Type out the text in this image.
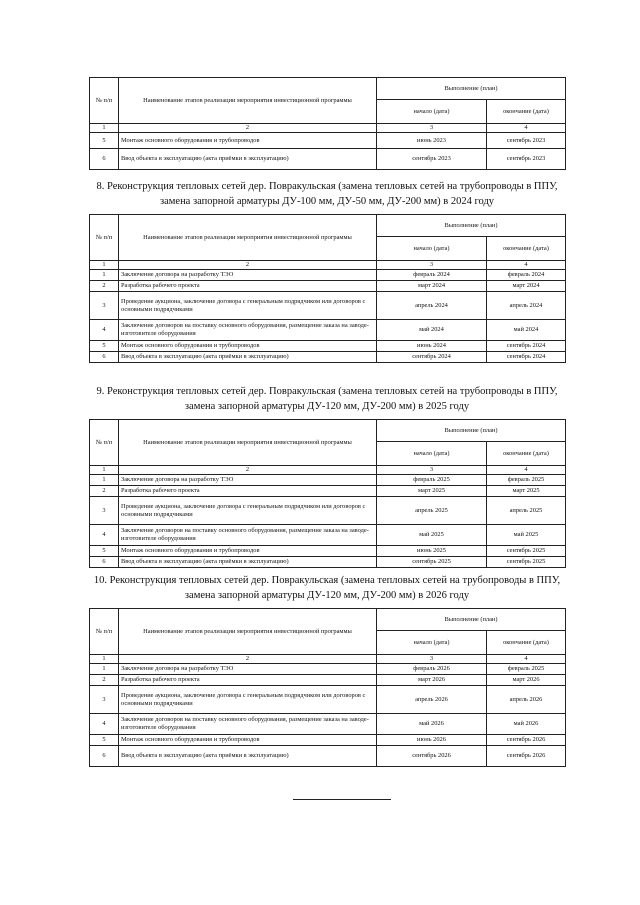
№ п/п	Наименование этапов реализации мероприятия инвестиционной программы	Выполнение (план)	
		начало (дата)	окончание (дата)
1	2	3	4
5	Монтаж основного оборудования и трубопроводов	июнь 2023	сентябрь 2023
6	Ввод объекта в эксплуатацию (акта приёмки в эксплуатацию)	сентябрь 2023	сентябрь 2023
8. Реконструкция тепловых сетей дер. Повракульская (замена тепловых сетей на трубопроводы в ППУ, замена запорной арматуры ДУ-100 мм, ДУ-50 мм, ДУ-200 мм) в 2024 году
№ п/п	Наименование этапов реализации мероприятия инвестиционной программы	Выполнение (план)	
		начало (дата)	окончание (дата)
1	2	3	4
1	Заключение договора на разработку ТЭО	февраль 2024	февраль 2024
2	Разработка рабочего проекта	март 2024	март 2024
3	Проведение аукциона, заключение договора с генеральным подрядчиком или договоров с основными подрядчиками	апрель 2024	апрель 2024
4	Заключение договоров на поставку основного оборудования, размещение заказа на заводе-изготовителе оборудования	май 2024	май 2024
5	Монтаж основного оборудования и трубопроводов	июнь 2024	сентябрь 2024
6	Ввод объекта в эксплуатацию (акта приёмки в эксплуатацию)	сентябрь 2024	сентябрь 2024
9. Реконструкция тепловых сетей дер. Повракульская (замена тепловых сетей на трубопроводы в ППУ, замена запорной арматуры ДУ-120 мм, ДУ-200 мм) в 2025 году
№ п/п	Наименование этапов реализации мероприятия инвестиционной программы	Выполнение (план)	
		начало (дата)	окончание (дата)
1	2	3	4
1	Заключение договора на разработку ТЭО	февраль 2025	февраль 2025
2	Разработка рабочего проекта	март 2025	март 2025
3	Проведение аукциона, заключение договора с генеральным подрядчиком или договоров с основными подрядчиками	апрель 2025	апрель 2025
4	Заключение договоров на поставку основного оборудования, размещение заказа на заводе-изготовителе оборудования	май 2025	май 2025
5	Монтаж основного оборудования и трубопроводов	июнь 2025	сентябрь 2025
6	Ввод объекта в эксплуатацию (акта приёмки в эксплуатацию)	сентябрь 2025	сентябрь 2025
10. Реконструкция тепловых сетей дер. Повракульская (замена тепловых сетей на трубопроводы в ППУ, замена запорной арматуры ДУ-120 мм, ДУ-200 мм) в 2026 году
№ п/п	Наименование этапов реализации мероприятия инвестиционной программы	Выполнение (план)	
		начало (дата)	окончание (дата)
1	2	3	4
1	Заключение договора на разработку ТЭО	февраль 2026	февраль 2025
2	Разработка рабочего проекта	март 2026	март 2026
3	Проведение аукциона, заключение договора с генеральным подрядчиком или договоров с основными подрядчиками	апрель 2026	апрель 2026
4	Заключение договоров на поставку основного оборудования, размещение заказа на заводе-изготовителе оборудования	май 2026	май 2026
5	Монтаж основного оборудования и трубопроводов	июнь 2026	сентябрь 2026
6	Ввод объекта в эксплуатацию (акта приёмки в эксплуатацию)	сентябрь 2026	сентябрь 2026
